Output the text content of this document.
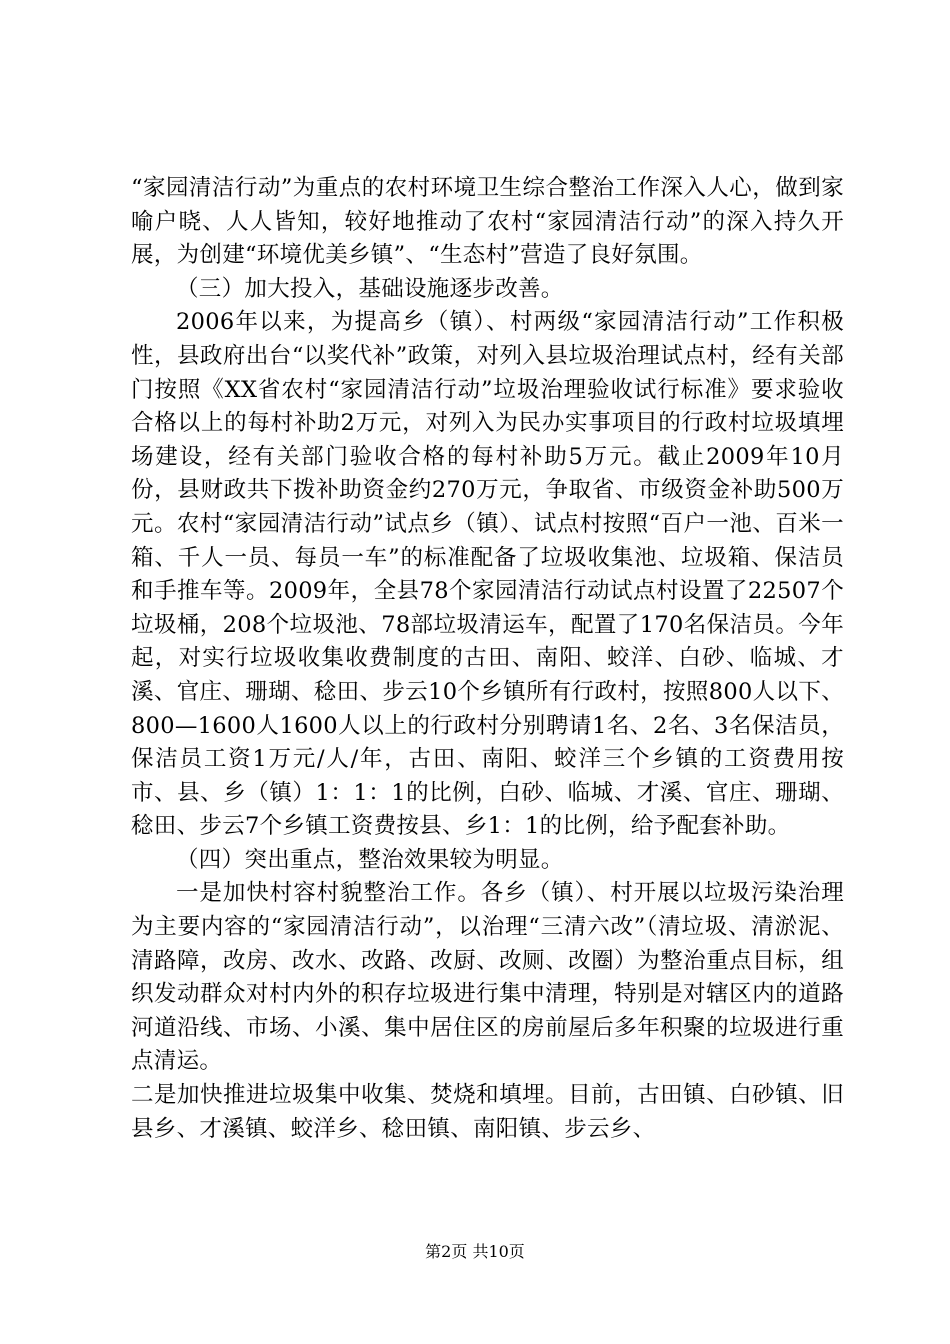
“家园清洁行动”为重点的农村环境卫生综合整治工作深入人心，做到家喻户晓、人人皆知，较好地推动了农村“家园清洁行动”的深入持久开展，为创建“环境优美乡镇”、“生态村”营造了良好氛围。

（三）加大投入，基础设施逐步改善。

2006年以来，为提高乡（镇）、村两级“家园清洁行动”工作积极性，县政府出台“以奖代补”政策，对列入县垃圾治理试点村，经有关部门按照《XX省农村“家园清洁行动”垃圾治理验收试行标准》要求验收合格以上的每村补助2万元，对列入为民办实事项目的行政村垃圾填埋场建设，经有关部门验收合格的每村补助5万元。截止2009年10月份，县财政共下拨补助资金约270万元，争取省、市级资金补助500万元。农村“家园清洁行动”试点乡（镇）、试点村按照“百户一池、百米一箱、千人一员、每员一车”的标准配备了垃圾收集池、垃圾箱、保洁员和手推车等。2009年，全县78个家园清洁行动试点村设置了22507个垃圾桶，208个垃圾池、78部垃圾清运车，配置了170名保洁员。今年起，对实行垃圾收集收费制度的古田、南阳、蛟洋、白砂、临城、才溪、官庄、珊瑚、稔田、步云10个乡镇所有行政村，按照800人以下、800—1600人1600人以上的行政村分别聘请1名、2名、3名保洁员，保洁员工资1万元/人/年，古田、南阳、蛟洋三个乡镇的工资费用按市、县、乡（镇）1：1：1的比例，白砂、临城、才溪、官庄、珊瑚、稔田、步云7个乡镇工资费按县、乡1：1的比例，给予配套补助。

（四）突出重点，整治效果较为明显。

一是加快村容村貌整治工作。各乡（镇）、村开展以垃圾污染治理为主要内容的“家园清洁行动”，以治理“三清六改”（清垃圾、清淤泥、清路障，改房、改水、改路、改厨、改厕、改圈）为整治重点目标，组织发动群众对村内外的积存垃圾进行集中清理，特别是对辖区内的道路河道沿线、市场、小溪、集中居住区的房前屋后多年积聚的垃圾进行重点清运。

二是加快推进垃圾集中收集、焚烧和填埋。目前，古田镇、白砂镇、旧县乡、才溪镇、蛟洋乡、稔田镇、南阳镇、步云乡、

第2页 共10页
